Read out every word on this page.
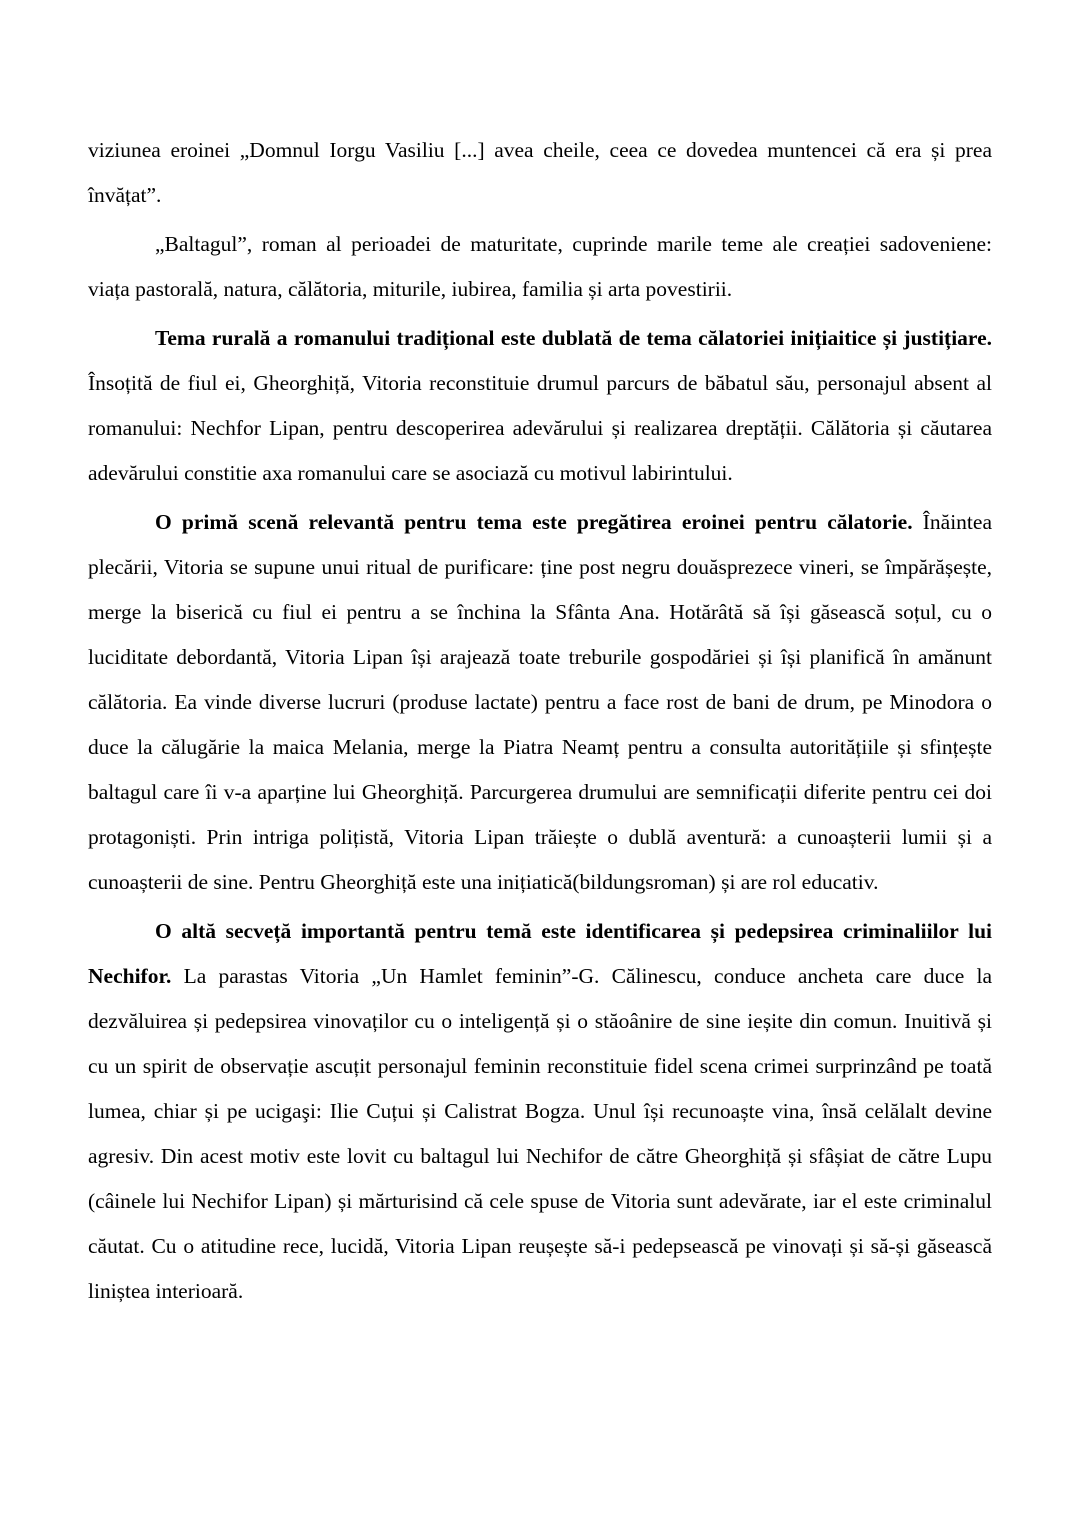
viziunea eroinei „Domnul Iorgu Vasiliu [...] avea cheile, ceea ce dovedea muntencei că era și prea învățat”.

„Baltagul”, roman al perioadei de maturitate, cuprinde marile teme ale creației sadoveniene: viața pastorală, natura, călătoria, miturile, iubirea, familia și arta povestirii.

Tema rurală a romanului tradițional este dublată de tema călatoriei inițiaitice și justițiare. Însoțită de fiul ei, Gheorghiță, Vitoria reconstituie drumul parcurs de băbatul său, personajul absent al romanului: Nechfor Lipan, pentru descoperirea adevărului și realizarea dreptății. Călătoria și căutarea adevărului constitie axa romanului care se asociază cu motivul labirintului.

O primă scenă relevantă pentru tema este pregătirea eroinei pentru călatorie. Înăintea plecării, Vitoria se supune unui ritual de purificare: ține post negru douăsprezece vineri, se împărășește, merge la biserică cu fiul ei pentru a se închina la Sfânta Ana. Hotărâtă să își găsească soțul, cu o luciditate debordantă, Vitoria Lipan își arajează toate treburile gospodăriei și își planifică în amănunt călătoria. Ea vinde diverse lucruri (produse lactate) pentru a face rost de bani de drum, pe Minodora o duce la călugărie la maica Melania, merge la Piatra Neamț pentru a consulta autoritățiile și sfințește baltagul care îi v-a aparține lui Gheorghiță. Parcurgerea drumului are semnificații diferite pentru cei doi protagoniști. Prin intriga polițistă, Vitoria Lipan trăiește o dublă aventură: a cunoașterii lumii și a cunoașterii de sine. Pentru Gheorghiță este una inițiatică(bildungsroman) și are rol educativ.

O altă secveță importantă pentru temă este identificarea și pedepsirea criminaliilor lui Nechifor. La parastas Vitoria „Un Hamlet feminin”-G. Călinescu, conduce ancheta care duce la dezvăluirea și pedepsirea vinovaților cu o inteligență și o stăoânire de sine ieșite din comun. Inuitivă și cu un spirit de observație ascuțit personajul feminin reconstituie fidel scena crimei surprinzând pe toată lumea, chiar și pe ucigaşi: Ilie Cuțui și Calistrat Bogza. Unul își recunoaște vina, însă celălalt devine agresiv. Din acest motiv este lovit cu baltagul lui Nechifor de către Gheorghiță și sfâșiat de către Lupu (câinele lui Nechifor Lipan) și mărturisind că cele spuse de Vitoria sunt adevărate, iar el este criminalul căutat. Cu o atitudine rece, lucidă, Vitoria Lipan reușește să-i pedepsească pe vinovați și să-și găsească liniștea interioară.
